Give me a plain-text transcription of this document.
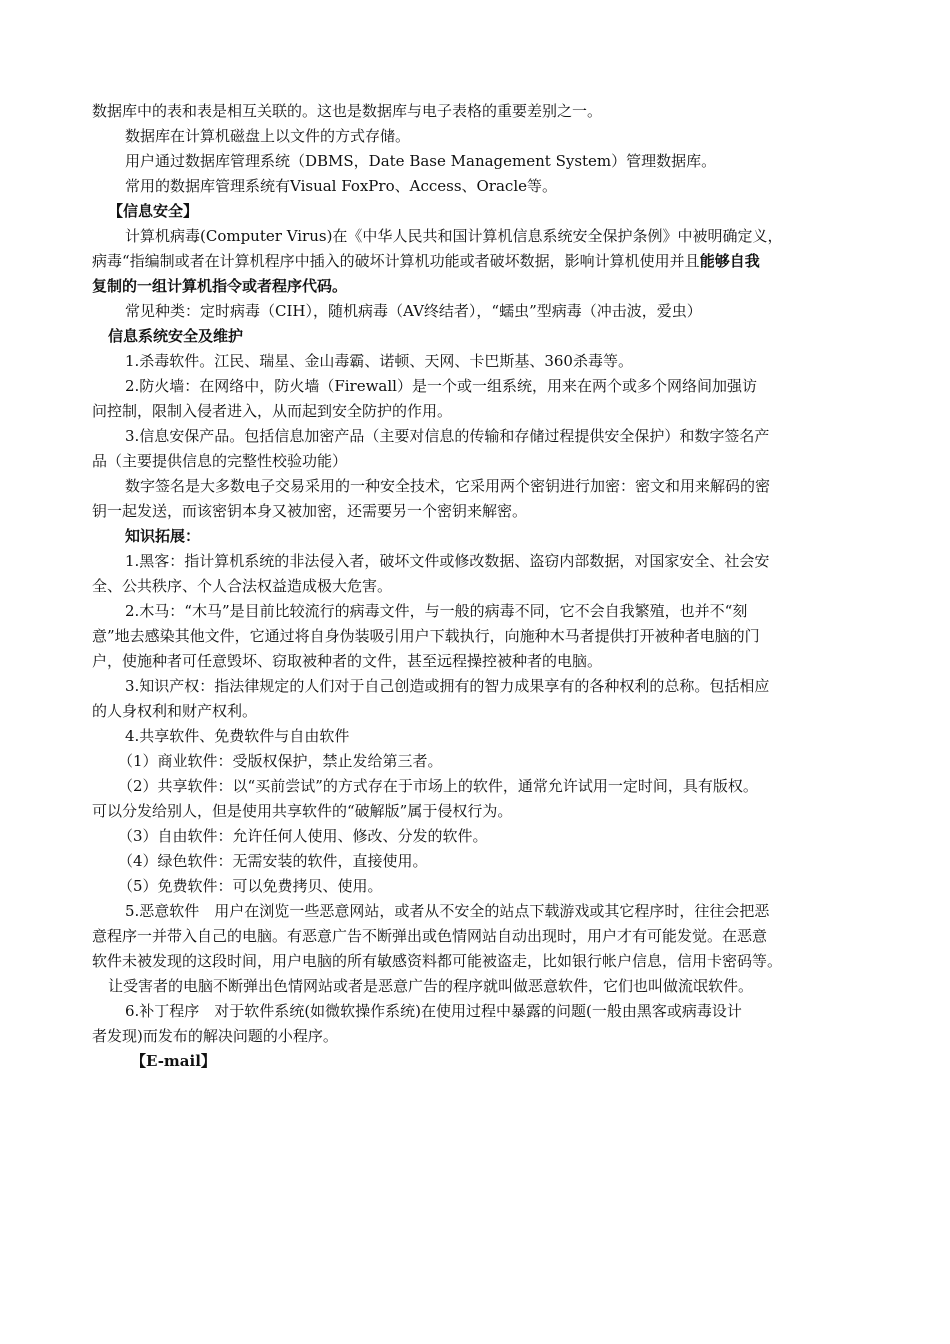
数据库中的表和表是相互关联的。这也是数据库与电子表格的重要差别之一。
数据库在计算机磁盘上以文件的方式存储。
用户通过数据库管理系统（DBMS，Date Base Management System）管理数据库。
常用的数据库管理系统有Visual FoxPro、Access、Oracle等。
【信息安全】
计算机病毒(Computer Virus)在《中华人民共和国计算机信息系统安全保护条例》中被明确定义，
病毒“指编制或者在计算机程序中插入的破坏计算机功能或者破坏数据，影响计算机使用并且能够自我
复制的一组计算机指令或者程序代码。
常见种类：定时病毒（CIH），随机病毒（AV终结者），“蠕虫”型病毒（冲击波，爱虫）
信息系统安全及维护
1.杀毒软件。江民、瑞星、金山毒霸、诺顿、天网、卡巴斯基、360杀毒等。
2.防火墙：在网络中，防火墙（Firewall）是一个或一组系统，用来在两个或多个网络间加强访
问控制，限制入侵者进入，从而起到安全防护的作用。
3.信息安保产品。包括信息加密产品（主要对信息的传输和存储过程提供安全保护）和数字签名产
品（主要提供信息的完整性校验功能）
数字签名是大多数电子交易采用的一种安全技术，它采用两个密钥进行加密：密文和用来解码的密
钥一起发送，而该密钥本身又被加密，还需要另一个密钥来解密。
知识拓展：
1.黑客：指计算机系统的非法侵入者，破坏文件或修改数据、盗窃内部数据，对国家安全、社会安
全、公共秩序、个人合法权益造成极大危害。
2.木马：“木马”是目前比较流行的病毒文件，与一般的病毒不同，它不会自我繁殖，也并不“刻
意”地去感染其他文件，它通过将自身伪装吸引用户下载执行，向施种木马者提供打开被种者电脑的门
户，使施种者可任意毁坏、窃取被种者的文件，甚至远程操控被种者的电脑。
3.知识产权：指法律规定的人们对于自己创造或拥有的智力成果享有的各种权利的总称。包括相应
的人身权利和财产权利。
4.共享软件、免费软件与自由软件
（1）商业软件：受版权保护，禁止发给第三者。
（2）共享软件：以“买前尝试”的方式存在于市场上的软件，通常允许试用一定时间，具有版权。
可以分发给别人，但是使用共享软件的“破解版”属于侵权行为。
（3）自由软件：允许任何人使用、修改、分发的软件。
（4）绿色软件：无需安装的软件，直接使用。
（5）免费软件：可以免费拷贝、使用。
5.恶意软件　用户在浏览一些恶意网站，或者从不安全的站点下载游戏或其它程序时，往往会把恶
意程序一并带入自己的电脑。有恶意广告不断弹出或色情网站自动出现时，用户才有可能发觉。在恶意
软件未被发现的这段时间，用户电脑的所有敏感资料都可能被盗走，比如银行帐户信息，信用卡密码等。
让受害者的电脑不断弹出色情网站或者是恶意广告的程序就叫做恶意软件，它们也叫做流氓软件。
6.补丁程序　对于软件系统(如微软操作系统)在使用过程中暴露的问题(一般由黑客或病毒设计
者发现)而发布的解决问题的小程序。
【E-mail】
